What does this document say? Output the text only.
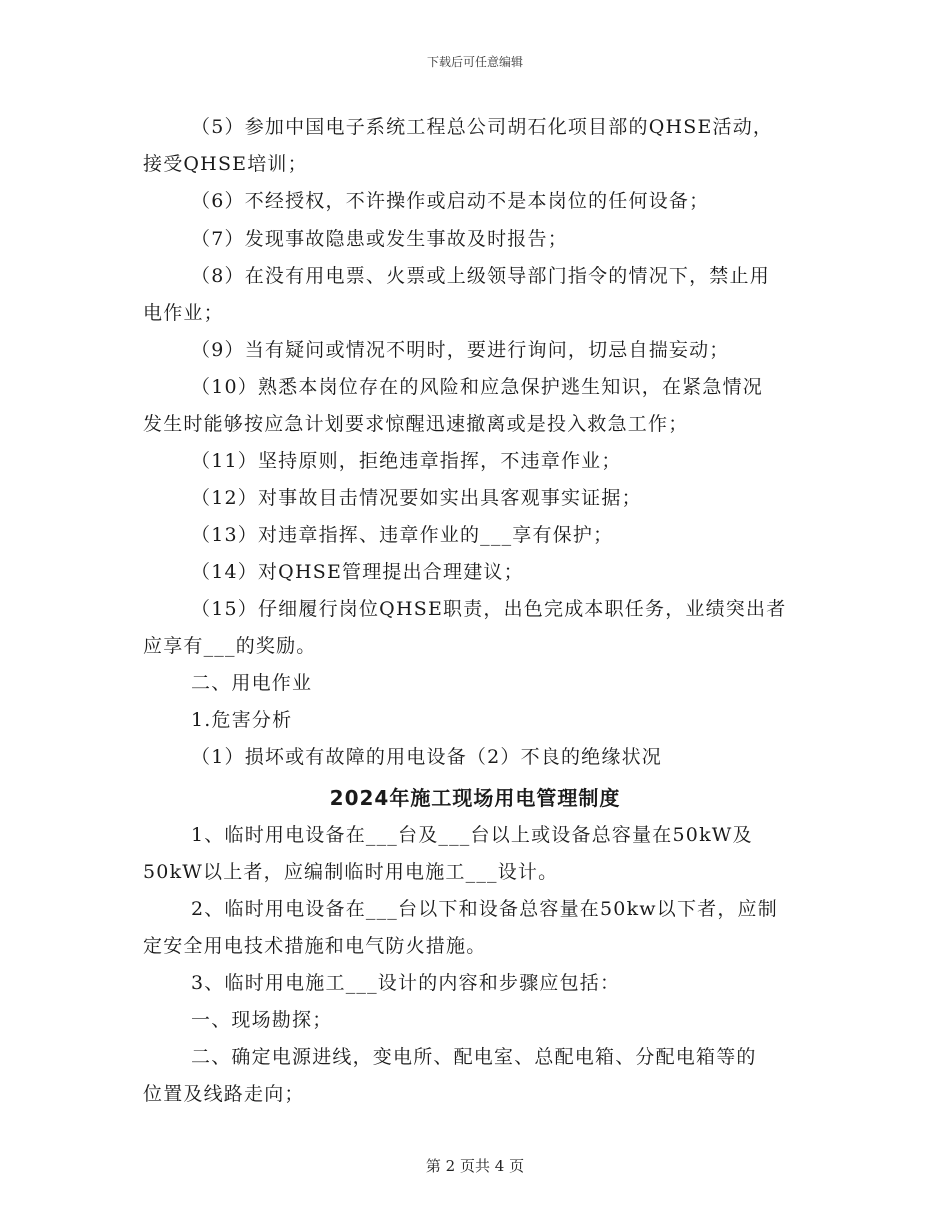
下载后可任意编辑
（5）参加中国电子系统工程总公司胡石化项目部的QHSE活动，
接受QHSE培训；
（6）不经授权，不许操作或启动不是本岗位的任何设备；
（7）发现事故隐患或发生事故及时报告；
（8）在没有用电票、火票或上级领导部门指令的情况下，禁止用
电作业；
（9）当有疑问或情况不明时，要进行询问，切忌自揣妄动；
（10）熟悉本岗位存在的风险和应急保护逃生知识，在紧急情况
发生时能够按应急计划要求惊醒迅速撤离或是投入救急工作；
（11）坚持原则，拒绝违章指挥，不违章作业；
（12）对事故目击情况要如实出具客观事实证据；
（13）对违章指挥、违章作业的___享有保护；
（14）对QHSE管理提出合理建议；
（15）仔细履行岗位QHSE职责，出色完成本职任务，业绩突出者
应享有___的奖励。
二、用电作业
1.危害分析
（1）损坏或有故障的用电设备（2）不良的绝缘状况
2024年施工现场用电管理制度
1、临时用电设备在___台及___台以上或设备总容量在50kW及
50kW以上者，应编制临时用电施工___设计。
2、临时用电设备在___台以下和设备总容量在50kw以下者，应制
定安全用电技术措施和电气防火措施。
3、临时用电施工___设计的内容和步骤应包括：
一、现场勘探；
二、确定电源进线，变电所、配电室、总配电箱、分配电箱等的
位置及线路走向；
第 2 页共 4 页
